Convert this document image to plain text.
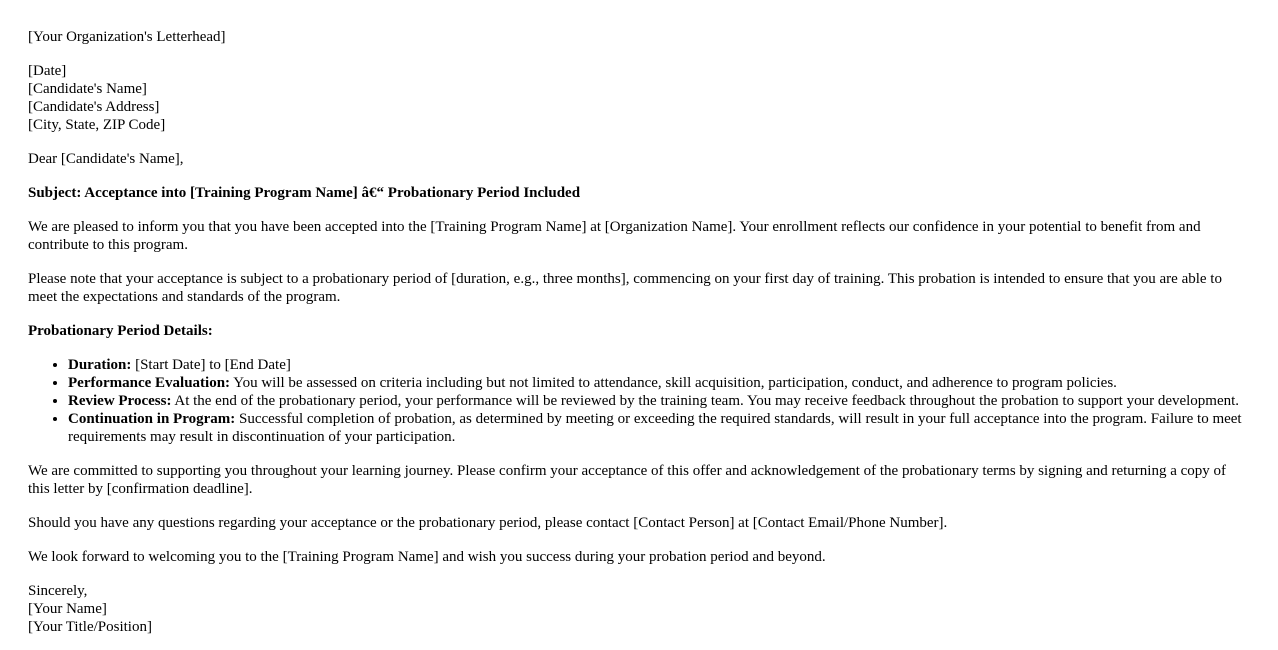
[Your Organization's Letterhead]

[Date]
[Candidate's Name]
[Candidate's Address]
[City, State, ZIP Code]

Dear [Candidate's Name],

Subject: Acceptance into [Training Program Name] â€“ Probationary Period Included

We are pleased to inform you that you have been accepted into the [Training Program Name] at [Organization Name]. Your enrollment reflects our confidence in your potential to benefit from and contribute to this program.

Please note that your acceptance is subject to a probationary period of [duration, e.g., three months], commencing on your first day of training. This probation is intended to ensure that you are able to meet the expectations and standards of the program.

Probationary Period Details:

• Duration: [Start Date] to [End Date]
• Performance Evaluation: You will be assessed on criteria including but not limited to attendance, skill acquisition, participation, conduct, and adherence to program policies.
• Review Process: At the end of the probationary period, your performance will be reviewed by the training team. You may receive feedback throughout the probation to support your development.
• Continuation in Program: Successful completion of probation, as determined by meeting or exceeding the required standards, will result in your full acceptance into the program. Failure to meet requirements may result in discontinuation of your participation.

We are committed to supporting you throughout your learning journey. Please confirm your acceptance of this offer and acknowledgement of the probationary terms by signing and returning a copy of this letter by [confirmation deadline].

Should you have any questions regarding your acceptance or the probationary period, please contact [Contact Person] at [Contact Email/Phone Number].

We look forward to welcoming you to the [Training Program Name] and wish you success during your probation period and beyond.

Sincerely,
[Your Name]
[Your Title/Position]
